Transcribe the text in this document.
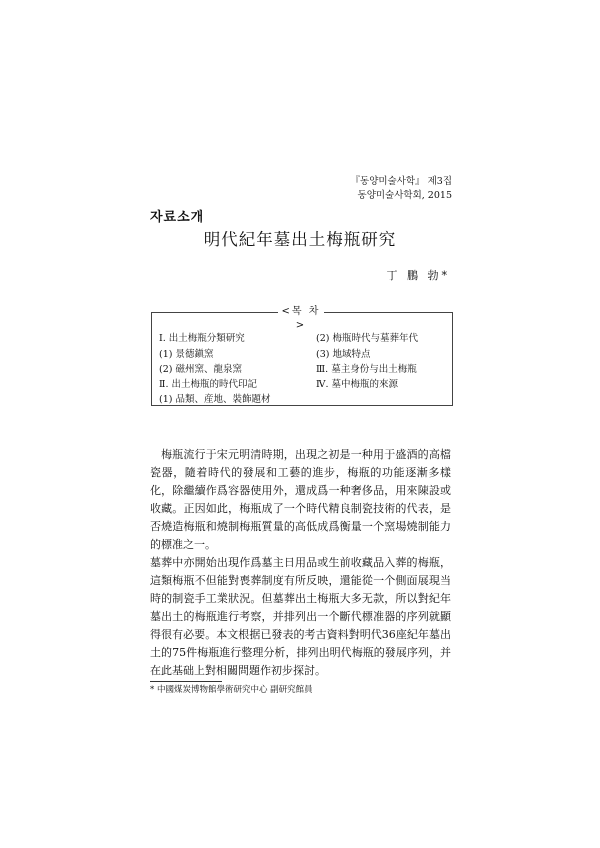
『동양미술사학』 제3집
동양미술사학회, 2015
자료소개
明代紀年墓出土梅瓶研究
丁 鵬 勃*
<목 차>
Ⅰ. 出土梅瓶分類研究
(1) 景德鎭窯
(2) 磁州窯、龍泉窯
Ⅱ. 出土梅瓶的時代印記
(1) 品類、産地、裝飾題材
(2) 梅瓶時代与墓葬年代
(3) 地域特点
Ⅲ. 墓主身份与出土梅瓶
Ⅳ. 墓中梅瓶的來源

梅瓶流行于宋元明清時期，出現之初是一种用于盛酒的高檔瓷器，隨着時代的發展和工藝的進步，梅瓶的功能逐漸多樣化，除繼續作爲容器使用外，還成爲一种奢侈品，用來陳設或收藏。正因如此，梅瓶成了一个時代精良制瓷技術的代表，是否燒造梅瓶和燒制梅瓶質量的高低成爲衡量一个窯場燒制能力的標准之一。

墓葬中亦開始出現作爲墓主日用品或生前收藏品入葬的梅瓶，這類梅瓶不但能對喪葬制度有所反映，還能從一个側面展現当時的制瓷手工業狀況。但墓葬出土梅瓶大多无款，所以對紀年墓出土的梅瓶進行考察，并排列出一个斷代標准器的序列就顯得很有必要。本文根据已發表的考古資料對明代36座紀年墓出土的75件梅瓶進行整理分析，排列出明代梅瓶的發展序列，并在此基础上對相關問題作初步探討。

* 中國煤炭博物館學術研究中心 副研究館員
